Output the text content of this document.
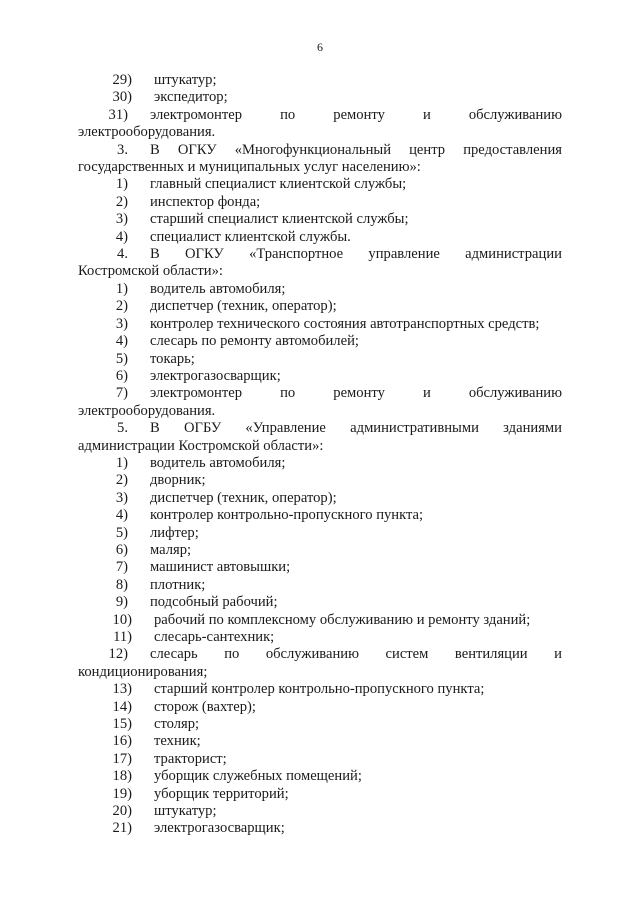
6
29)	штукатур;
30)	экспедитор;
31) электромонтер	по	ремонту	и	обслуживанию
электрооборудования.
3. В ОГКУ «Многофункциональный центр предоставления
государственных и муниципальных услуг населению»:
1)	главный специалист клиентской службы;
2)	инспектор фонда;
3)	старший специалист клиентской службы;
4)	специалист клиентской службы.
4. В ОГКУ «Транспортное управление администрации
Костромской области»:
1)	водитель автомобиля;
2)	диспетчер (техник, оператор);
3)	контролер технического состояния автотранспортных средств;
4)	слесарь по ремонту автомобилей;
5)	токарь;
6)	электрогазосварщик;
7) электромонтер	по	ремонту	и	обслуживанию
электрооборудования.
5. В ОГБУ «Управление административными зданиями
администрации Костромской области»:
1)	водитель автомобиля;
2)	дворник;
3)	диспетчер (техник, оператор);
4)	контролер контрольно-пропускного пункта;
5)	лифтер;
6)	маляр;
7)	машинист автовышки;
8)	плотник;
9)	подсобный рабочий;
10)	рабочий по комплексному обслуживанию и ремонту зданий;
11)	слесарь-сантехник;
12) слесарь по обслуживанию систем вентиляции и
кондиционирования;
13)	старший контролер контрольно-пропускного пункта;
14)	сторож (вахтер);
15)	столяр;
16)	техник;
17)	тракторист;
18)	уборщик служебных помещений;
19)	уборщик территорий;
20)	штукатур;
21)	электрогазосварщик;
